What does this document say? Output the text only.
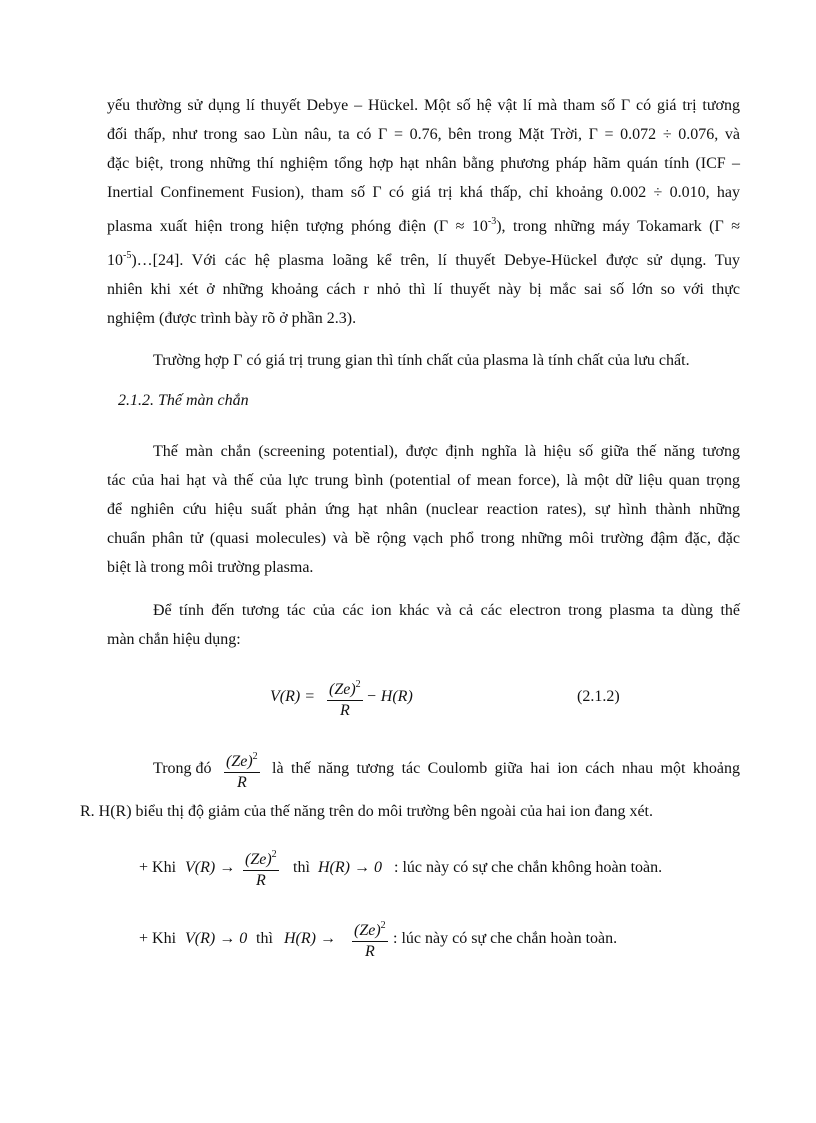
yếu thường sử dụng lí thuyết Debye – Hückel. Một số hệ vật lí mà tham số Γ có giá trị tương
đối thấp, như trong sao Lùn nâu, ta có Γ = 0.76, bên trong Mặt Trời, Γ = 0.072 ÷ 0.076, và
đặc biệt, trong những thí nghiệm tổng hợp hạt nhân bằng phương pháp hãm quán tính (ICF –
Inertial Confinement Fusion), tham số Γ có giá trị khá thấp, chỉ khoảng 0.002 ÷ 0.010, hay
plasma xuất hiện trong hiện tượng phóng điện $(\Gamma \approx 10^{-3})$, trong những máy Tokamark (Γ ≈
$10^{-5})\dots[24]$. Với các hệ plasma loãng kể trên, lí thuyết Debye-Hückel được sử dụng. Tuy
nhiên khi xét ở những khoảng cách r nhỏ thì lí thuyết này bị mắc sai số lớn so với thực
nghiệm (được trình bày rõ ở phần 2.3).
Trường hợp Γ có giá trị trung gian thì tính chất của plasma là tính chất của lưu chất.
2.1.2. Thế màn chắn
Thế màn chắn (screening potential), được định nghĩa là hiệu số giữa thế năng tương
tác của hai hạt và thế của lực trung bình (potential of mean force), là một dữ liệu quan trọng
để nghiên cứu hiệu suất phản ứng hạt nhân (nuclear reaction rates), sự hình thành những
chuẩn phân tử (quasi molecules) và bề rộng vạch phổ trong những môi trường đậm đặc, đặc
biệt là trong môi trường plasma.
Để tính đến tương tác của các ion khác và cả các electron trong plasma ta dùng thế
màn chắn hiệu dụng:
$V(R) = \frac{(Ze)^2}{R} - H(R)$	(2.1.2)
Trong đó $\frac{(Ze)^2}{R}$ là thế năng tương tác Coulomb giữa hai ion cách nhau một khoảng
R. H(R) biểu thị độ giảm của thế năng trên do môi trường bên ngoài của hai ion đang xét.
+ Khi $V(R) \to \frac{(Ze)^2}{R}$ thì H(R) → 0 : lúc này có sự che chắn không hoàn toàn.
+ Khi V(R) → 0 thì $H(R) \to \frac{(Ze)^2}{R}$ : lúc này có sự che chắn hoàn toàn.
